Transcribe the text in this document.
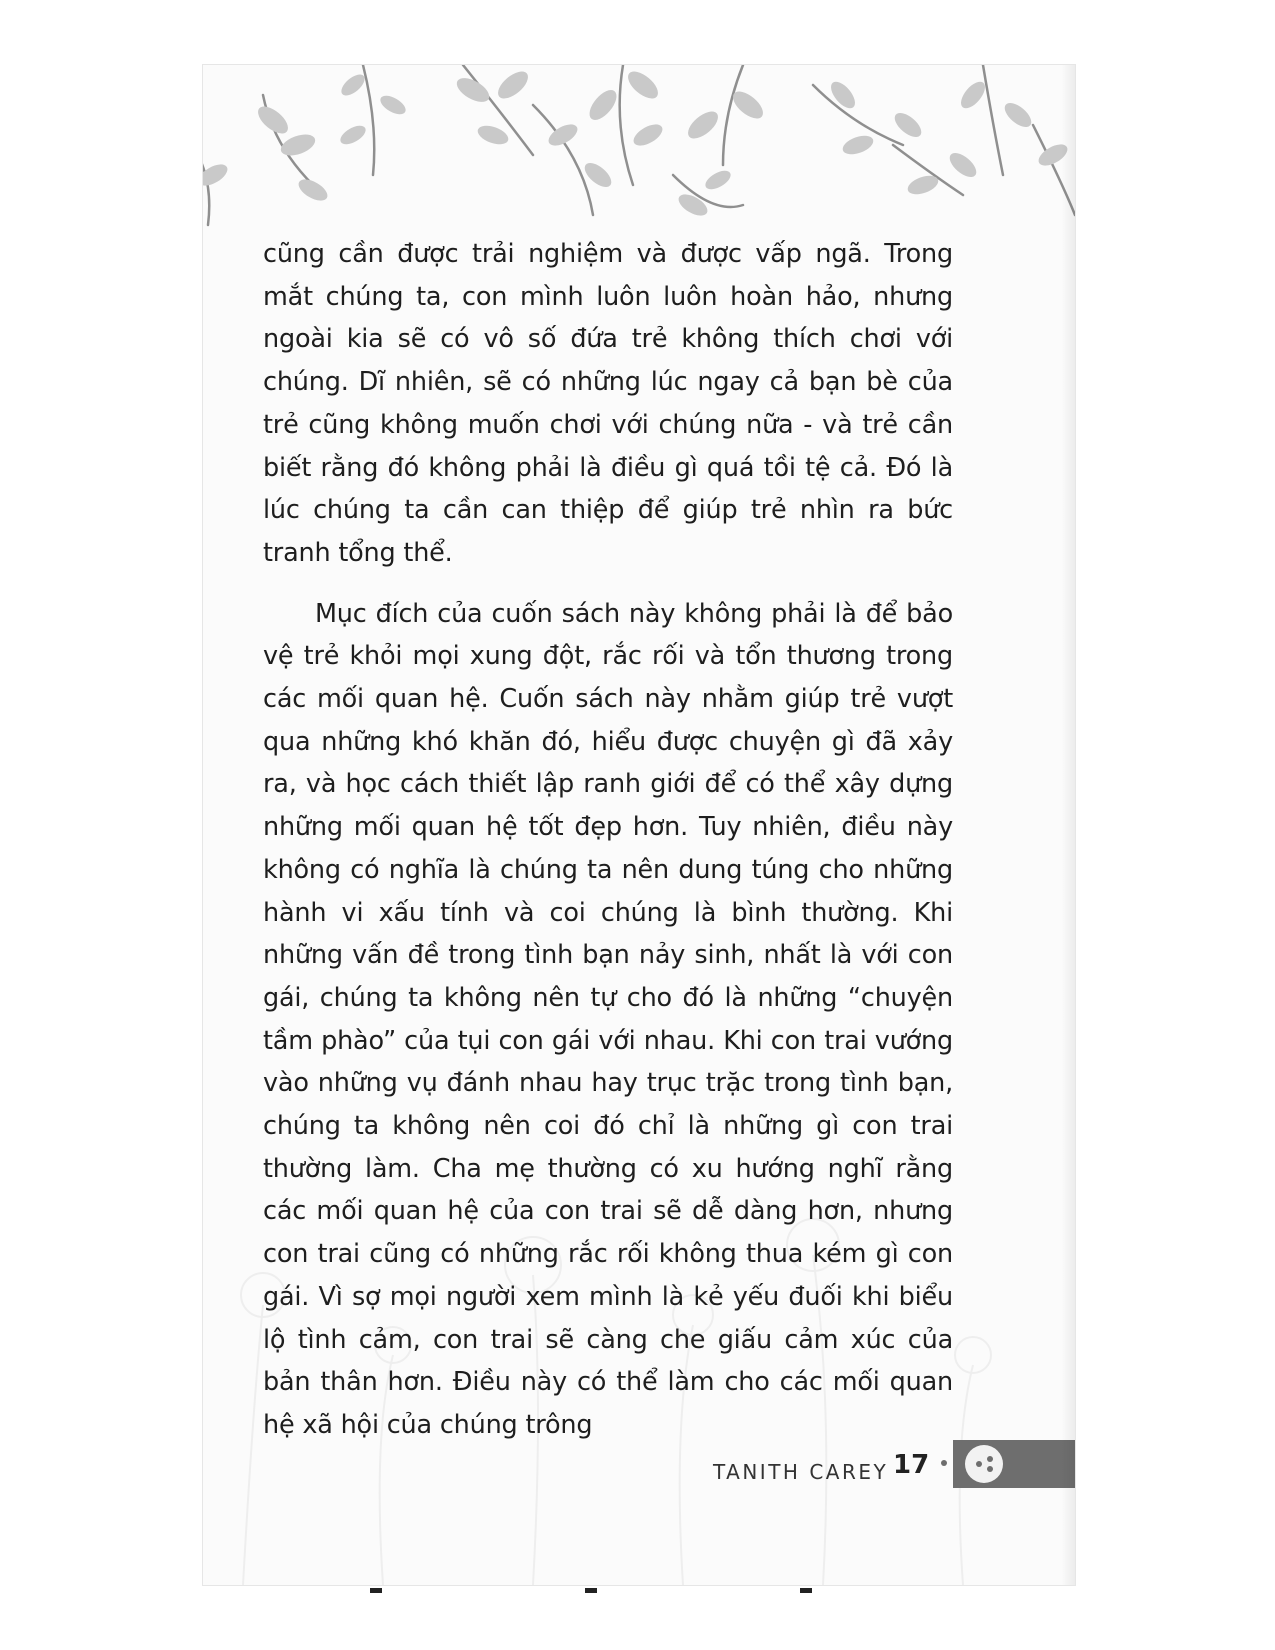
cũng cần được trải nghiệm và được vấp ngã. Trong mắt chúng ta, con mình luôn luôn hoàn hảo, nhưng ngoài kia sẽ có vô số đứa trẻ không thích chơi với chúng. Dĩ nhiên, sẽ có những lúc ngay cả bạn bè của trẻ cũng không muốn chơi với chúng nữa - và trẻ cần biết rằng đó không phải là điều gì quá tồi tệ cả. Đó là lúc chúng ta cần can thiệp để giúp trẻ nhìn ra bức tranh tổng thể.

Mục đích của cuốn sách này không phải là để bảo vệ trẻ khỏi mọi xung đột, rắc rối và tổn thương trong các mối quan hệ. Cuốn sách này nhằm giúp trẻ vượt qua những khó khăn đó, hiểu được chuyện gì đã xảy ra, và học cách thiết lập ranh giới để có thể xây dựng những mối quan hệ tốt đẹp hơn. Tuy nhiên, điều này không có nghĩa là chúng ta nên dung túng cho những hành vi xấu tính và coi chúng là bình thường. Khi những vấn đề trong tình bạn nảy sinh, nhất là với con gái, chúng ta không nên tự cho đó là những “chuyện tầm phào” của tụi con gái với nhau. Khi con trai vướng vào những vụ đánh nhau hay trục trặc trong tình bạn, chúng ta không nên coi đó chỉ là những gì con trai thường làm. Cha mẹ thường có xu hướng nghĩ rằng các mối quan hệ của con trai sẽ dễ dàng hơn, nhưng con trai cũng có những rắc rối không thua kém gì con gái. Vì sợ mọi người xem mình là kẻ yếu đuối khi biểu lộ tình cảm, con trai sẽ càng che giấu cảm xúc của bản thân hơn. Điều này có thể làm cho các mối quan hệ xã hội của chúng trông

TANITH CAREY 17
